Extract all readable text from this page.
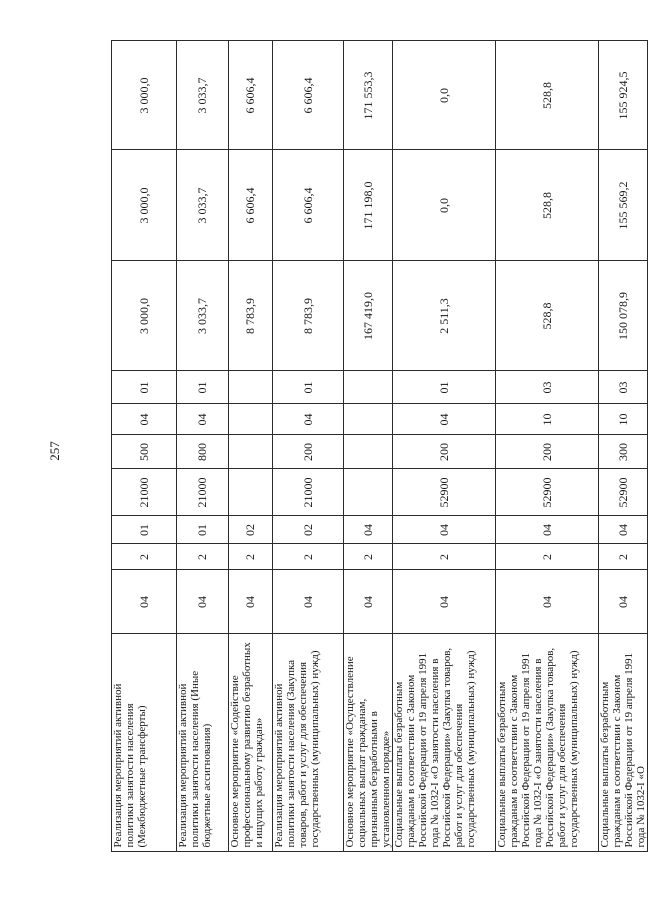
257
	Реализация мероприятий активной политики занятости населения (Межбюджетные трансферты)	04	2	01	21000	500	04	01	3 000,0	3 000,0	3 000,0
	Реализация мероприятий активной политики занятости населения (Иные бюджетные ассигнования)	04	2	01	21000	800	04	01	3 033,7	3 033,7	3 033,7
	Основное мероприятие «Содействие профессиональному развитию безработных и ищущих работу граждан»	04	2	02					8 783,9	6 606,4	6 606,4
	Реализация мероприятий активной политики занятости населения (Закупка товаров, работ и услуг для обеспечения государственных (муниципальных) нужд)	04	2	02	21000	200	04	01	8 783,9	6 606,4	6 606,4
	Основное мероприятие «Осуществление социальных выплат гражданам, признанным безработными в установленном порядке»	04	2	04					167 419,0	171 198,0	171 553,3
	Социальные выплаты безработным гражданам в соответствии с Законом Российской Федерации от 19 апреля 1991 года № 1032-I «О занятости населения в Российской Федерации» (Закупка товаров, работ и услуг для обеспечения государственных (муниципальных) нужд)	04	2	04	52900	200	04	01	2 511,3	0,0	0,0
	Социальные выплаты безработным гражданам в соответствии с Законом Российской Федерации от 19 апреля 1991 года № 1032-I «О занятости населения в Российской Федерации» (Закупка товаров, работ и услуг для обеспечения государственных (муниципальных) нужд)	04	2	04	52900	200	10	03	528,8	528,8	528,8
	Социальные выплаты безработным гражданам в соответствии с Законом Российской Федерации от 19 апреля 1991 года № 1032-I «О	04	2	04	52900	300	10	03	150 078,9	155 569,2	155 924,5
